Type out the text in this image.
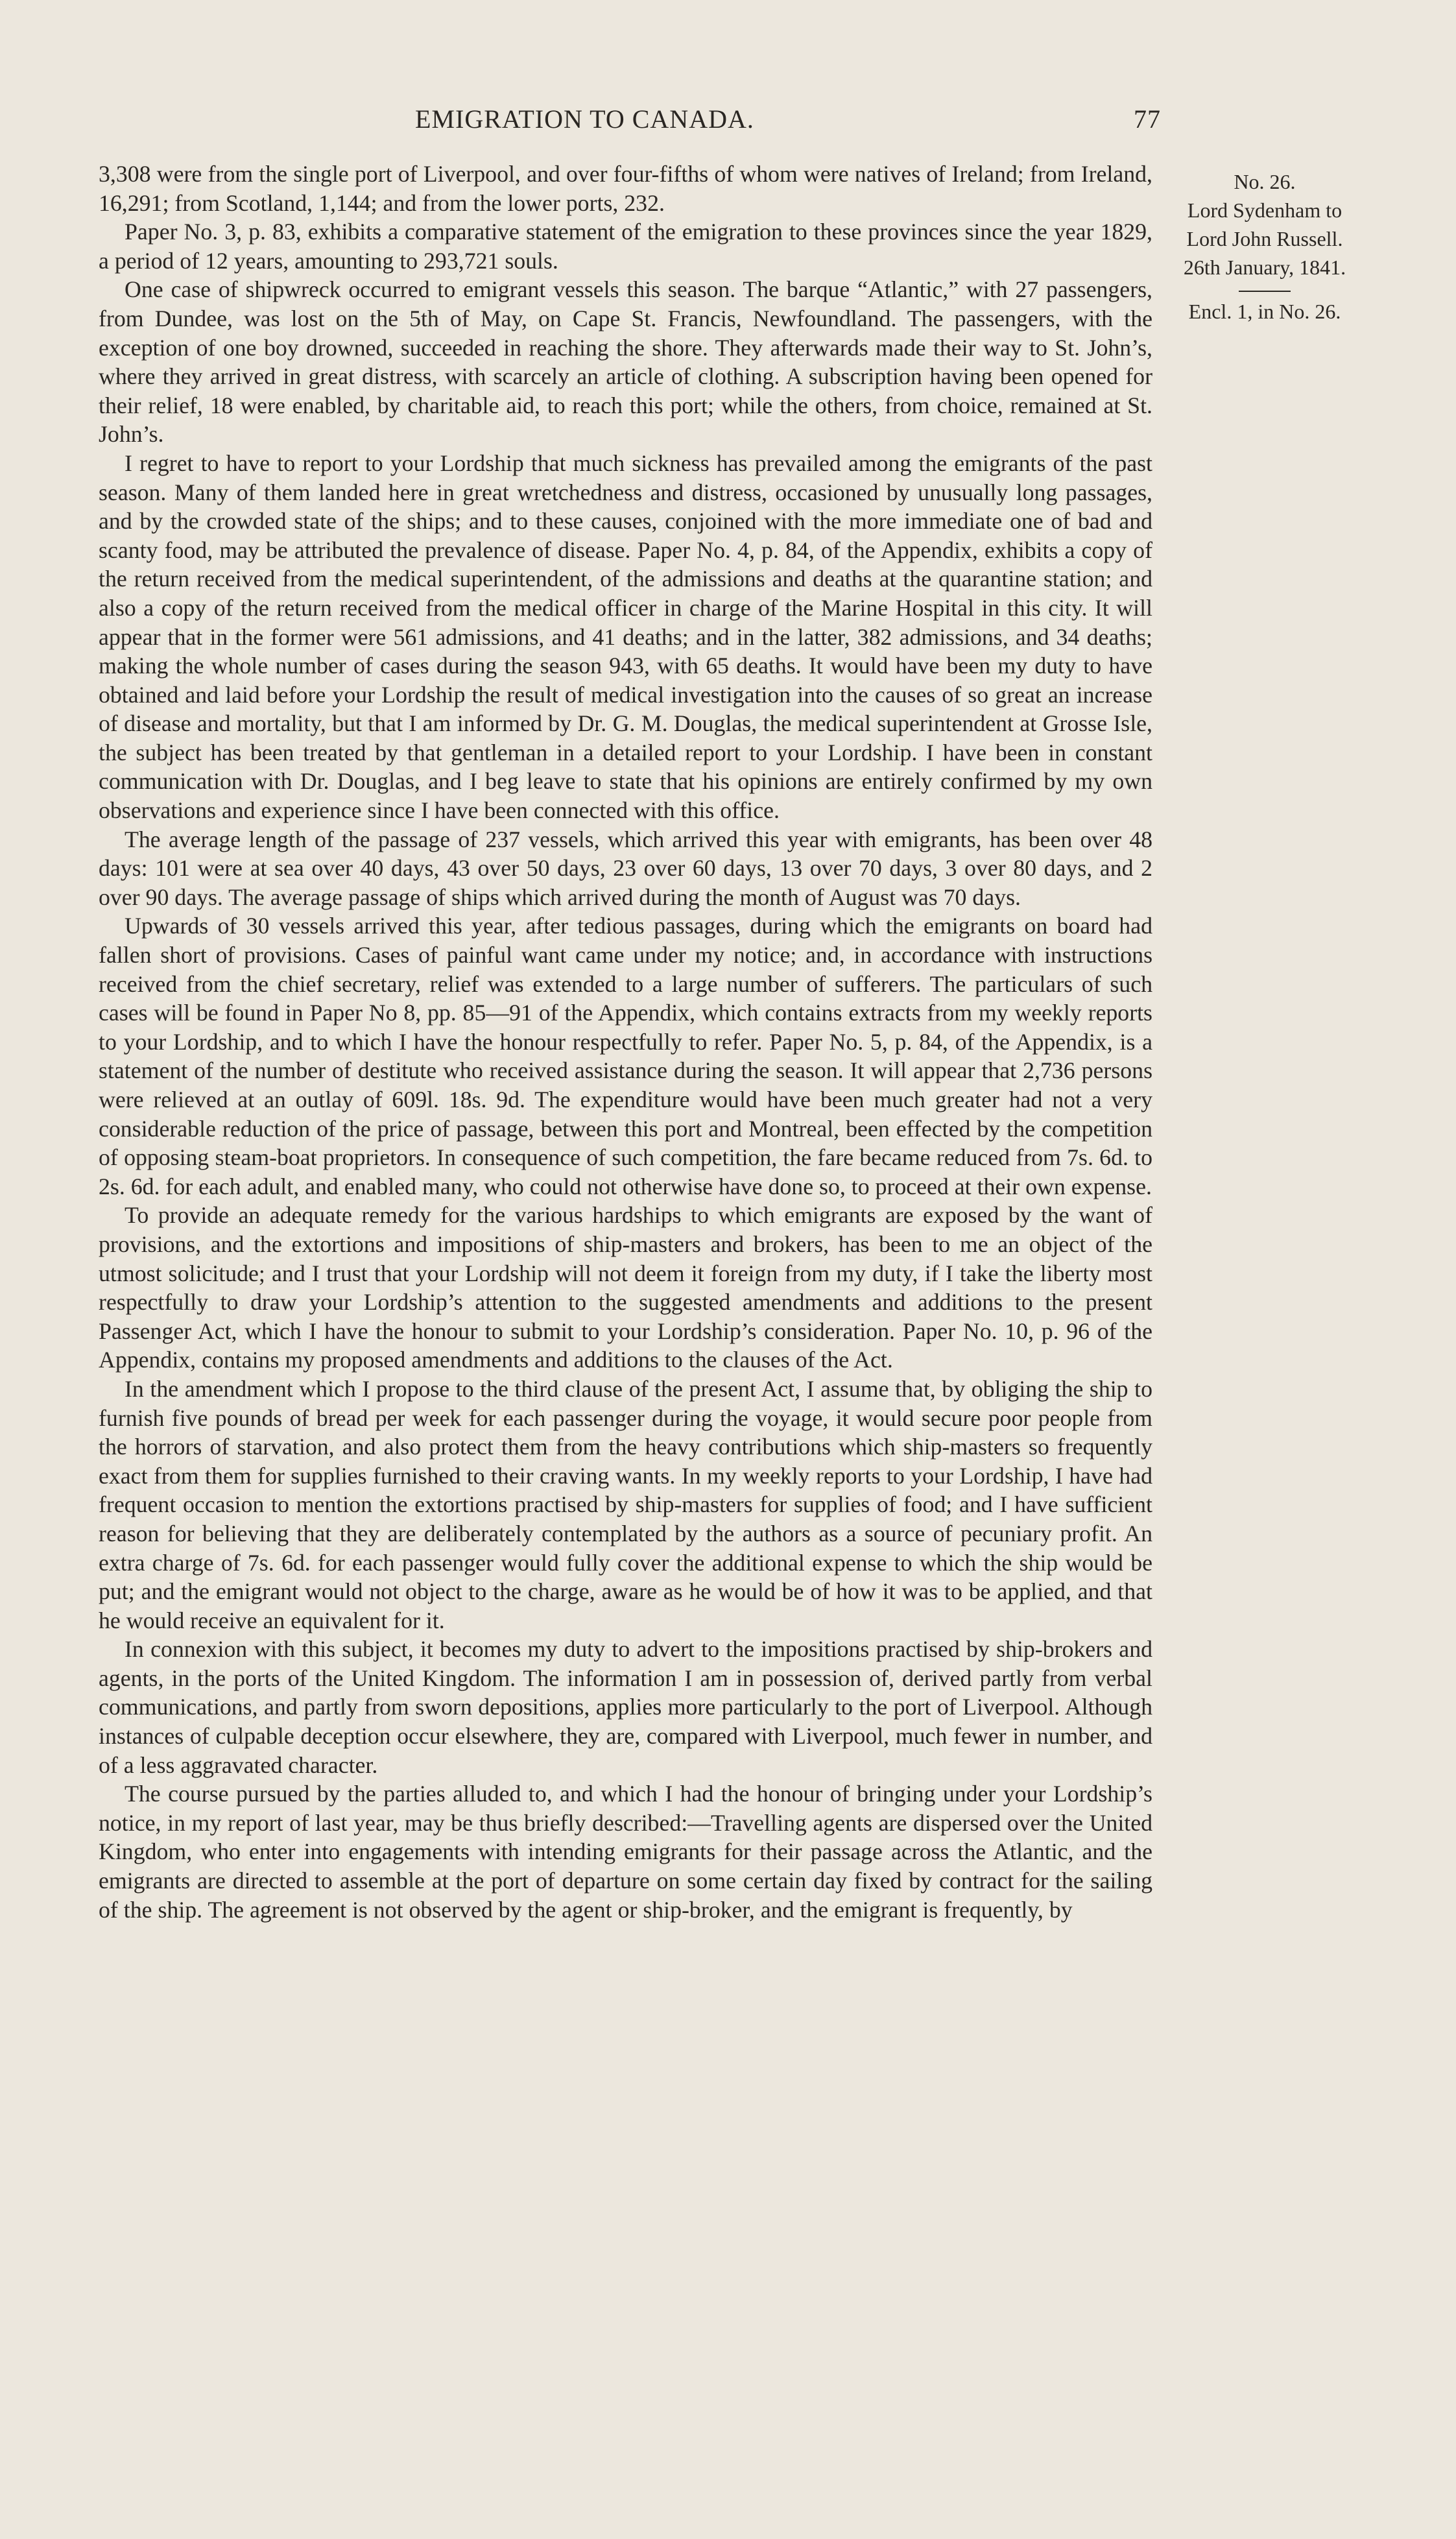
EMIGRATION TO CANADA.	77

3,308 were from the single port of Liverpool, and over four-fifths of whom were natives of Ireland; from Ireland, 16,291; from Scotland, 1,144; and from the lower ports, 232.

Paper No. 3, p. 83, exhibits a comparative statement of the emigration to these provinces since the year 1829, a period of 12 years, amounting to 293,721 souls.

One case of shipwreck occurred to emigrant vessels this season. The barque “Atlantic,” with 27 passengers, from Dundee, was lost on the 5th of May, on Cape St. Francis, Newfoundland. The passengers, with the exception of one boy drowned, succeeded in reaching the shore. They afterwards made their way to St. John’s, where they arrived in great distress, with scarcely an article of clothing. A subscription having been opened for their relief, 18 were enabled, by charitable aid, to reach this port; while the others, from choice, remained at St. John’s.

I regret to have to report to your Lordship that much sickness has prevailed among the emigrants of the past season. Many of them landed here in great wretchedness and distress, occasioned by unusually long passages, and by the crowded state of the ships; and to these causes, conjoined with the more immediate one of bad and scanty food, may be attributed the prevalence of disease. Paper No. 4, p. 84, of the Appendix, exhibits a copy of the return received from the medical superintendent, of the admissions and deaths at the quarantine station; and also a copy of the return received from the medical officer in charge of the Marine Hospital in this city. It will appear that in the former were 561 admissions, and 41 deaths; and in the latter, 382 admissions, and 34 deaths; making the whole number of cases during the season 943, with 65 deaths. It would have been my duty to have obtained and laid before your Lordship the result of medical investigation into the causes of so great an increase of disease and mortality, but that I am informed by Dr. G. M. Douglas, the medical superintendent at Grosse Isle, the subject has been treated by that gentleman in a detailed report to your Lordship. I have been in constant communication with Dr. Douglas, and I beg leave to state that his opinions are entirely confirmed by my own observations and experience since I have been connected with this office.

The average length of the passage of 237 vessels, which arrived this year with emigrants, has been over 48 days: 101 were at sea over 40 days, 43 over 50 days, 23 over 60 days, 13 over 70 days, 3 over 80 days, and 2 over 90 days. The average passage of ships which arrived during the month of August was 70 days.

Upwards of 30 vessels arrived this year, after tedious passages, during which the emigrants on board had fallen short of provisions. Cases of painful want came under my notice; and, in accordance with instructions received from the chief secretary, relief was extended to a large number of sufferers. The particulars of such cases will be found in Paper No 8, pp. 85—91 of the Appendix, which contains extracts from my weekly reports to your Lordship, and to which I have the honour respectfully to refer. Paper No. 5, p. 84, of the Appendix, is a statement of the number of destitute who received assistance during the season. It will appear that 2,736 persons were relieved at an outlay of 609l. 18s. 9d. The expenditure would have been much greater had not a very considerable reduction of the price of passage, between this port and Montreal, been effected by the competition of opposing steam-boat proprietors. In consequence of such competition, the fare became reduced from 7s. 6d. to 2s. 6d. for each adult, and enabled many, who could not otherwise have done so, to proceed at their own expense.

To provide an adequate remedy for the various hardships to which emigrants are exposed by the want of provisions, and the extortions and impositions of ship-masters and brokers, has been to me an object of the utmost solicitude; and I trust that your Lordship will not deem it foreign from my duty, if I take the liberty most respectfully to draw your Lordship’s attention to the suggested amendments and additions to the present Passenger Act, which I have the honour to submit to your Lordship’s consideration. Paper No. 10, p. 96 of the Appendix, contains my proposed amendments and additions to the clauses of the Act.

In the amendment which I propose to the third clause of the present Act, I assume that, by obliging the ship to furnish five pounds of bread per week for each passenger during the voyage, it would secure poor people from the horrors of starvation, and also protect them from the heavy contributions which ship-masters so frequently exact from them for supplies furnished to their craving wants. In my weekly reports to your Lordship, I have had frequent occasion to mention the extortions practised by ship-masters for supplies of food; and I have sufficient reason for believing that they are deliberately contemplated by the authors as a source of pecuniary profit. An extra charge of 7s. 6d. for each passenger would fully cover the additional expense to which the ship would be put; and the emigrant would not object to the charge, aware as he would be of how it was to be applied, and that he would receive an equivalent for it.

In connexion with this subject, it becomes my duty to advert to the impositions practised by ship-brokers and agents, in the ports of the United Kingdom. The information I am in possession of, derived partly from verbal communications, and partly from sworn depositions, applies more particularly to the port of Liverpool. Although instances of culpable deception occur elsewhere, they are, compared with Liverpool, much fewer in number, and of a less aggravated character.

The course pursued by the parties alluded to, and which I had the honour of bringing under your Lordship’s notice, in my report of last year, may be thus briefly described:—Travelling agents are dispersed over the United Kingdom, who enter into engagements with intending emigrants for their passage across the Atlantic, and the emigrants are directed to assemble at the port of departure on some certain day fixed by contract for the sailing of the ship. The agreement is not observed by the agent or ship-broker, and the emigrant is frequently, by

No. 26.
Lord Sydenham to
Lord John Russell.
26th January, 1841.
Encl. 1, in No. 26.
